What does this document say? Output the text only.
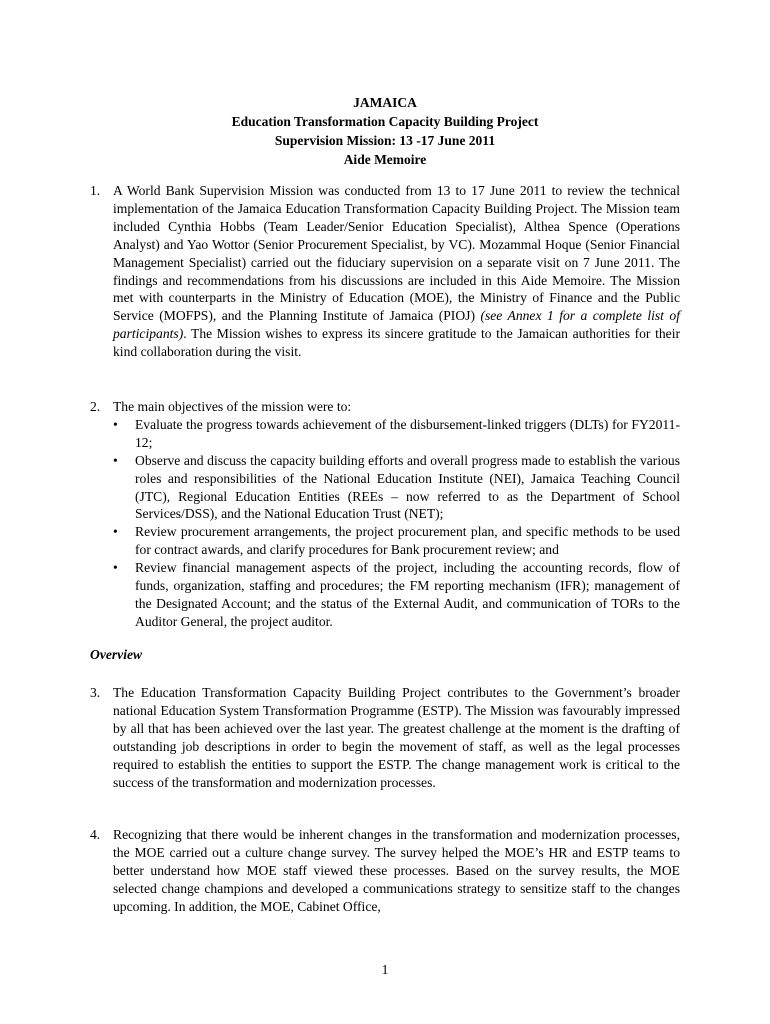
JAMAICA
Education Transformation Capacity Building Project
Supervision Mission: 13 -17 June 2011
Aide Memoire
1. A World Bank Supervision Mission was conducted from 13 to 17 June 2011 to review the technical implementation of the Jamaica Education Transformation Capacity Building Project. The Mission team included Cynthia Hobbs (Team Leader/Senior Education Specialist), Althea Spence (Operations Analyst) and Yao Wottor (Senior Procurement Specialist, by VC). Mozammal Hoque (Senior Financial Management Specialist) carried out the fiduciary supervision on a separate visit on 7 June 2011. The findings and recommendations from his discussions are included in this Aide Memoire. The Mission met with counterparts in the Ministry of Education (MOE), the Ministry of Finance and the Public Service (MOFPS), and the Planning Institute of Jamaica (PIOJ) (see Annex 1 for a complete list of participants). The Mission wishes to express its sincere gratitude to the Jamaican authorities for their kind collaboration during the visit.
2. The main objectives of the mission were to:
• Evaluate the progress towards achievement of the disbursement-linked triggers (DLTs) for FY2011-12;
• Observe and discuss the capacity building efforts and overall progress made to establish the various roles and responsibilities of the National Education Institute (NEI), Jamaica Teaching Council (JTC), Regional Education Entities (REEs – now referred to as the Department of School Services/DSS), and the National Education Trust (NET);
• Review procurement arrangements, the project procurement plan, and specific methods to be used for contract awards, and clarify procedures for Bank procurement review; and
• Review financial management aspects of the project, including the accounting records, flow of funds, organization, staffing and procedures; the FM reporting mechanism (IFR); management of the Designated Account; and the status of the External Audit, and communication of TORs to the Auditor General, the project auditor.
Overview
3. The Education Transformation Capacity Building Project contributes to the Government’s broader national Education System Transformation Programme (ESTP). The Mission was favourably impressed by all that has been achieved over the last year. The greatest challenge at the moment is the drafting of outstanding job descriptions in order to begin the movement of staff, as well as the legal processes required to establish the entities to support the ESTP. The change management work is critical to the success of the transformation and modernization processes.
4. Recognizing that there would be inherent changes in the transformation and modernization processes, the MOE carried out a culture change survey. The survey helped the MOE’s HR and ESTP teams to better understand how MOE staff viewed these processes. Based on the survey results, the MOE selected change champions and developed a communications strategy to sensitize staff to the changes upcoming. In addition, the MOE, Cabinet Office,
1
